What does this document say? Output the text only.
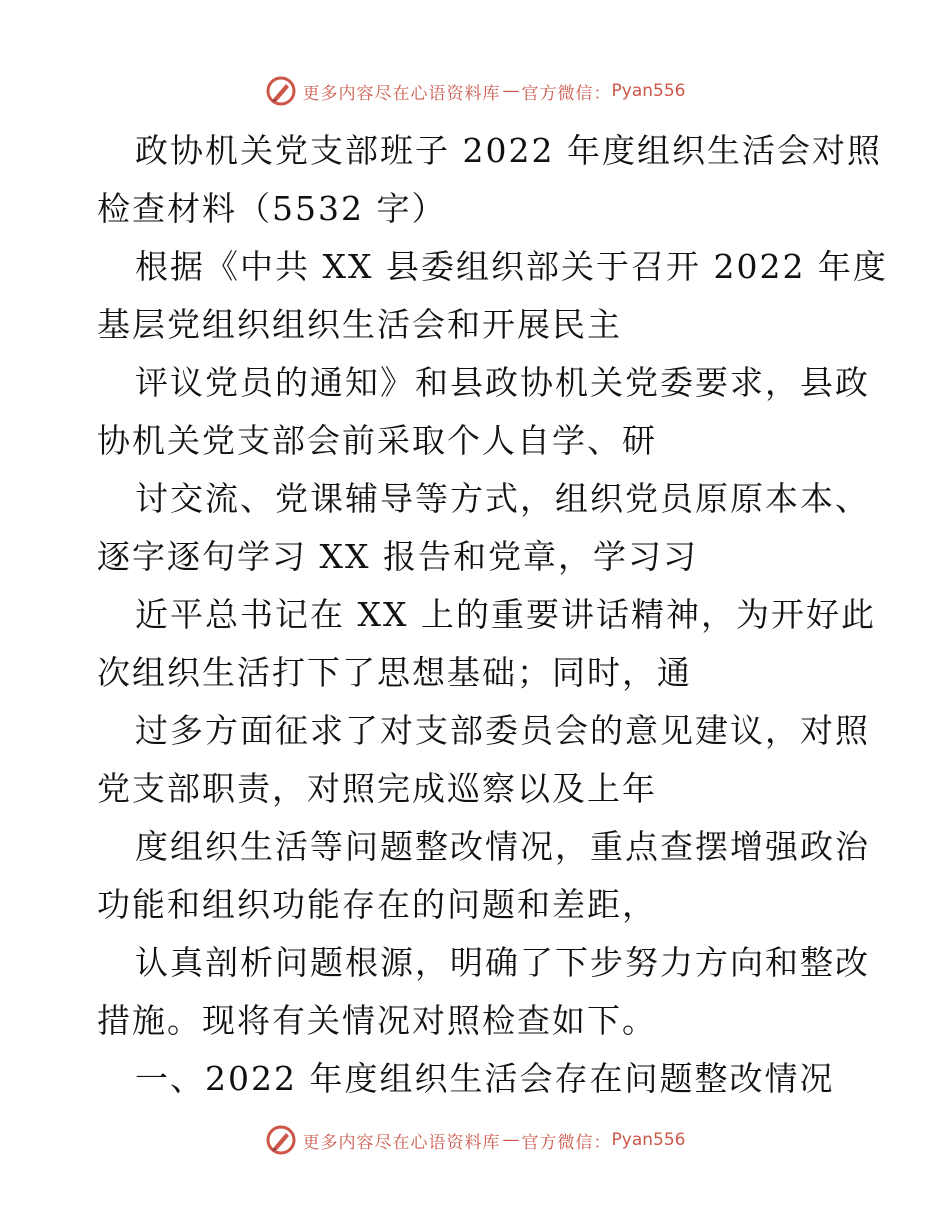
更多内容尽在心语资料库 — 官方微信： Pyan556

政协机关党支部班子 2022 年度组织生活会对照
检查材料（5532 字）

根据《中共 XX 县委组织部关于召开 2022 年度
基层党组织组织生活会和开展民主

评议党员的通知》和县政协机关党委要求，县政
协机关党支部会前采取个人自学、研

讨交流、党课辅导等方式，组织党员原原本本、
逐字逐句学习 XX 报告和党章，学习习

近平总书记在 XX 上的重要讲话精神，为开好此
次组织生活打下了思想基础；同时，通

过多方面征求了对支部委员会的意见建议，对照
党支部职责，对照完成巡察以及上年

度组织生活等问题整改情况，重点查摆增强政治
功能和组织功能存在的问题和差距，

认真剖析问题根源，明确了下步努力方向和整改
措施。现将有关情况对照检查如下。

一、2022 年度组织生活会存在问题整改情况

更多内容尽在心语资料库 — 官方微信： Pyan556
